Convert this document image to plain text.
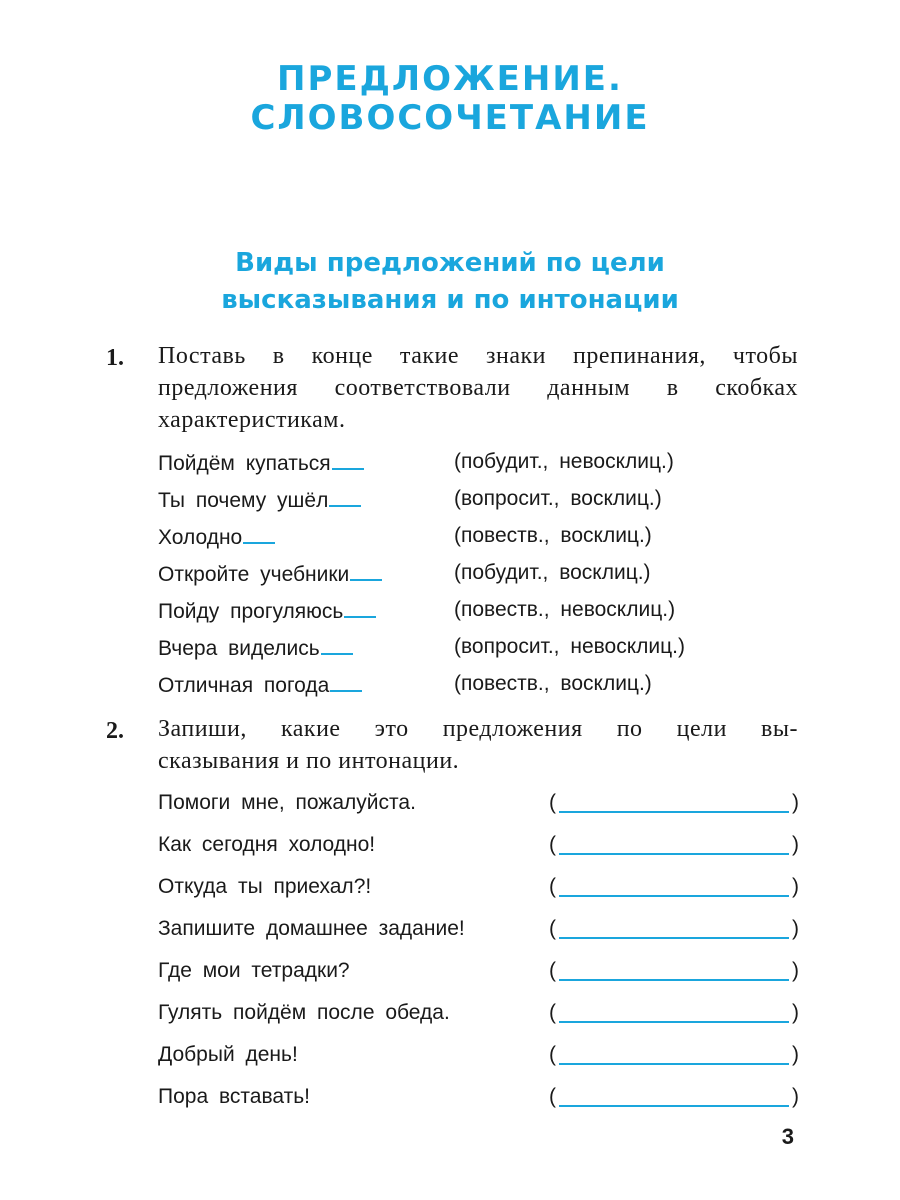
ПРЕДЛОЖЕНИЕ.
СЛОВОСОЧЕТАНИЕ
Виды предложений по цели
высказывания и по интонации
1. Поставь в конце такие знаки препинания, чтобы
предложения соответствовали данным в скобках
характеристикам.
Пойдём купаться	(побудит., невосклиц.)
Ты почему ушёл	(вопросит., восклиц.)
Холодно	(повеств., восклиц.)
Откройте учебники	(побудит., восклиц.)
Пойду прогуляюсь	(повеств., невосклиц.)
Вчера виделись	(вопросит., невосклиц.)
Отличная погода	(повеств., восклиц.)
2. Запиши, какие это предложения по цели вы-
сказывания и по интонации.
Помоги мне, пожалуйста.	(	)
Как сегодня холодно!	(	)
Откуда ты приехал?!	(	)
Запишите домашнее задание!	(	)
Где мои тетрадки?	(	)
Гулять пойдём после обеда.	(	)
Добрый день!	(	)
Пора вставать!	(	)
3
